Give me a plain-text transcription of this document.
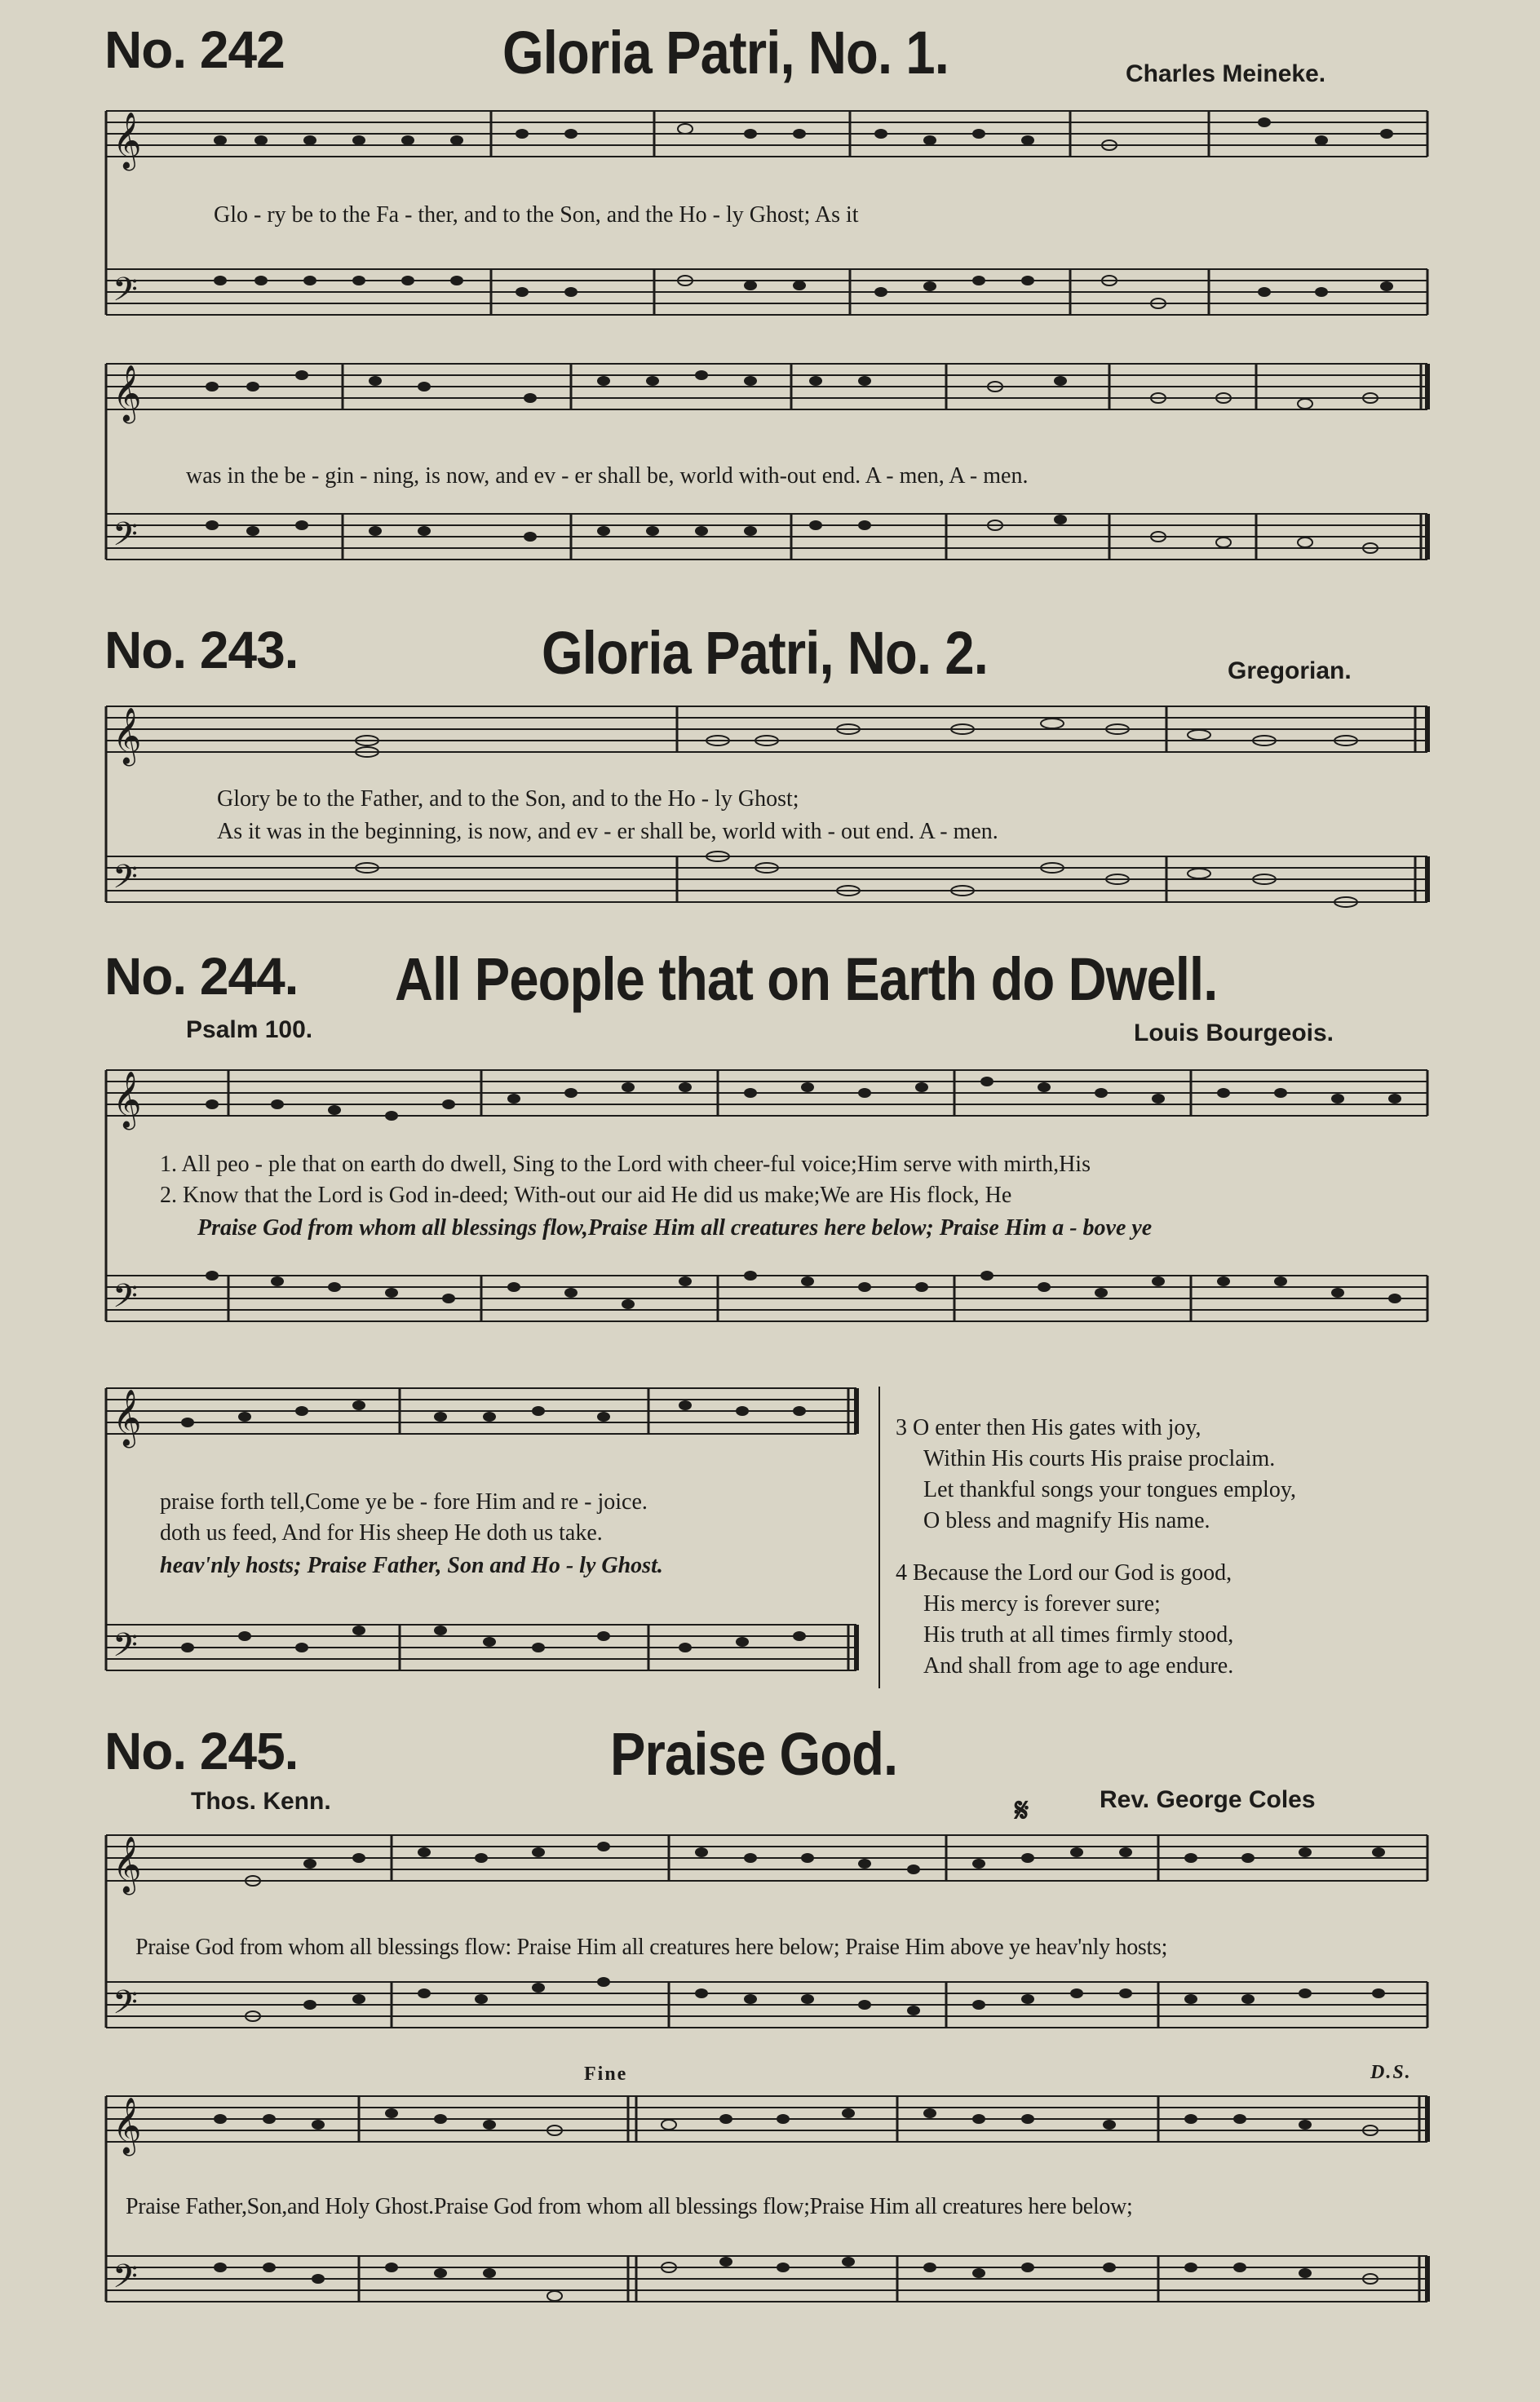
No. 242	Gloria Patri, No. 1.	Charles Meineke.
𝄞
𝄢
Glo - ry be to the Fa - ther, and to the Son, and the Ho - ly Ghost; As it
𝄞
𝄢
was in the be - gin - ning, is now, and ev - er shall be, world with-out end. A - men, A - men.
No. 243.	Gloria Patri, No. 2.	Gregorian.
𝄞
𝄢
Glory be to the Father, and to the Son, and to the Ho - ly Ghost;
As it was in the beginning, is now, and ev - er shall be, world with - out end. A - men.
No. 244. All People that on Earth do Dwell.
Psalm 100.	Louis Bourgeois.
𝄞
𝄢
1. All peo - ple that on earth do dwell, Sing to the Lord with cheer-ful voice;Him serve with mirth,His
2. Know that the Lord is God in-deed; With-out our aid He did us make;We are His flock, He
Praise God from whom all blessings flow,Praise Him all creatures here below; Praise Him a - bove ye
𝄞
𝄢
praise forth tell,Come ye be - fore Him and re - joice.
doth us feed, And for His sheep He doth us take.
heav'nly hosts; Praise Father, Son and Ho - ly Ghost.
3 O enter then His gates with joy,
Within His courts His praise proclaim.
Let thankful songs your tongues employ,
O bless and magnify His name.
4 Because the Lord our God is good,
His mercy is forever sure;
His truth at all times firmly stood,
And shall from age to age endure.
No. 245.	Praise God.
Thos. Kenn.	Rev. George Coles
𝄋
𝄞
𝄢
Praise God from whom all blessings flow: Praise Him all creatures here below; Praise Him above ye heav'nly hosts;
Fine	D.S.
𝄞
𝄢
Praise Father,Son,and Holy Ghost.Praise God from whom all blessings flow;Praise Him all creatures here below;
